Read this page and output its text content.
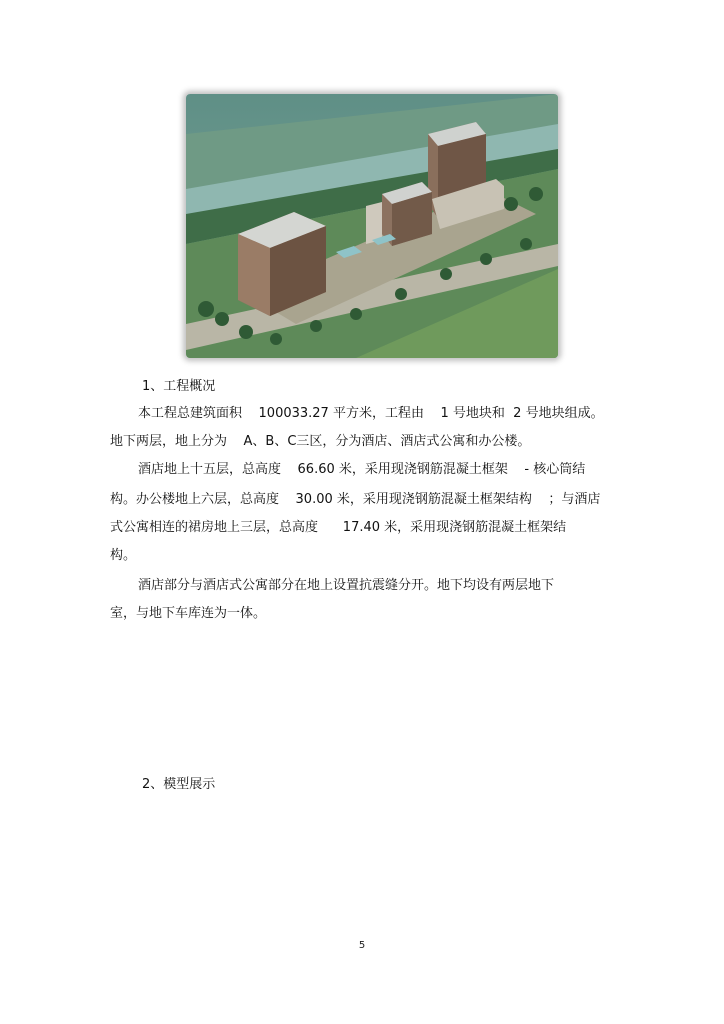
1、工程概况
本工程总建筑面积    100033.27 平方米，工程由    1 号地块和  2 号地块组成。
地下两层，地上分为    A、B、C三区，分为酒店、酒店式公寓和办公楼。
酒店地上十五层，总高度    66.60 米，采用现浇钢筋混凝土框架    - 核心筒结
构。办公楼地上六层，总高度    30.00 米，采用现浇钢筋混凝土框架结构    ；与酒店
式公寓相连的裙房地上三层，总高度      17.40 米，采用现浇钢筋混凝土框架结
构。
酒店部分与酒店式公寓部分在地上设置抗震缝分开。地下均设有两层地下
室，与地下车库连为一体。
2、模型展示
5
